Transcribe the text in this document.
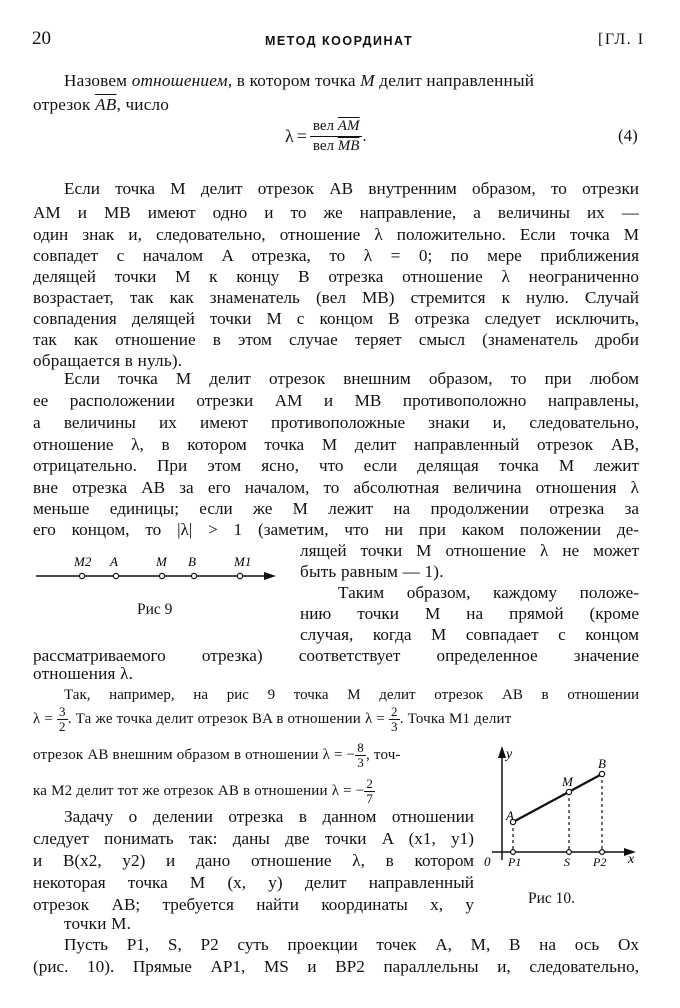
20	МЕТОД КООРДИНАТ	[ГЛ. I
Назовем отношением, в котором точка M делит направленный
отрезок $\overline{AB}$, число
λ = вел $\overline{AM}$
вел $\overline{MB}$
.	(4)
Если точка M делит отрезок AB внутренним образом, то отрезки
AM и MB имеют одно и то же направление, а величины их —
один знак и, следовательно, отношение λ положительно. Если точка M
совпадет с началом A отрезка, то λ = 0; по мере приближения
делящей точки M к концу B отрезка отношение λ неограниченно
возрастает, так как знаменатель (вел MB) стремится к нулю. Случай
совпадения делящей точки M с концом B отрезка следует исключить,
так как отношение в этом случае теряет смысл (знаменатель дроби
обращается в нуль).
Если точка M делит отрезок внешним образом, то при любом
ее расположении отрезки AM и MB противоположно направлены,
а величины их имеют противоположные знаки и, следовательно,
отношение λ, в котором точка M делит направленный отрезок AB,
отрицательно. При этом ясно, что если делящая точка M лежит
вне отрезка AB за его началом, то абсолютная величина отношения λ
меньше единицы; если же M лежит на продолжении отрезка за
его концом, то |λ| > 1 (заметим, что ни при каком положении де-
лящей точки M отношение λ не может
быть равным — 1).
Таким образом, каждому положе-
нию точки M на прямой (кроме
случая, когда M совпадает с концом
рассматриваемого отрезка) соответствует определенное значение
отношения λ.
M2 A	M B	M1
Рис 9
Так, например, на рис 9 точка M делит отрезок AB в отношении
$\lambda = \frac{3}{2}$ . Та же точка делит отрезок BA в отношении $\lambda = \frac{2}{3}$ . Точка M1 делит
отрезок AB внешним образом в отношении λ = − $\frac{8}{3}$ , точ-
ка M2 делит тот же отрезок AB в отношении λ = − $\frac{2}{7}$
Задачу о делении отрезка в данном отношении
следует понимать так: даны две точки A (x1, y1)
и B(x2, y2) и дано отношение λ, в котором
некоторая точка M (x, y) делит направленный
отрезок AB; требуется найти координаты x, y
точки M.
y
x
0
A
M
B
P1	S P2
Рис 10.
Пусть P1, S, P2 суть проекции точек A, M, B на ось Ox
(рис. 10). Прямые AP1, MS и BP2 параллельны и, следовательно,
